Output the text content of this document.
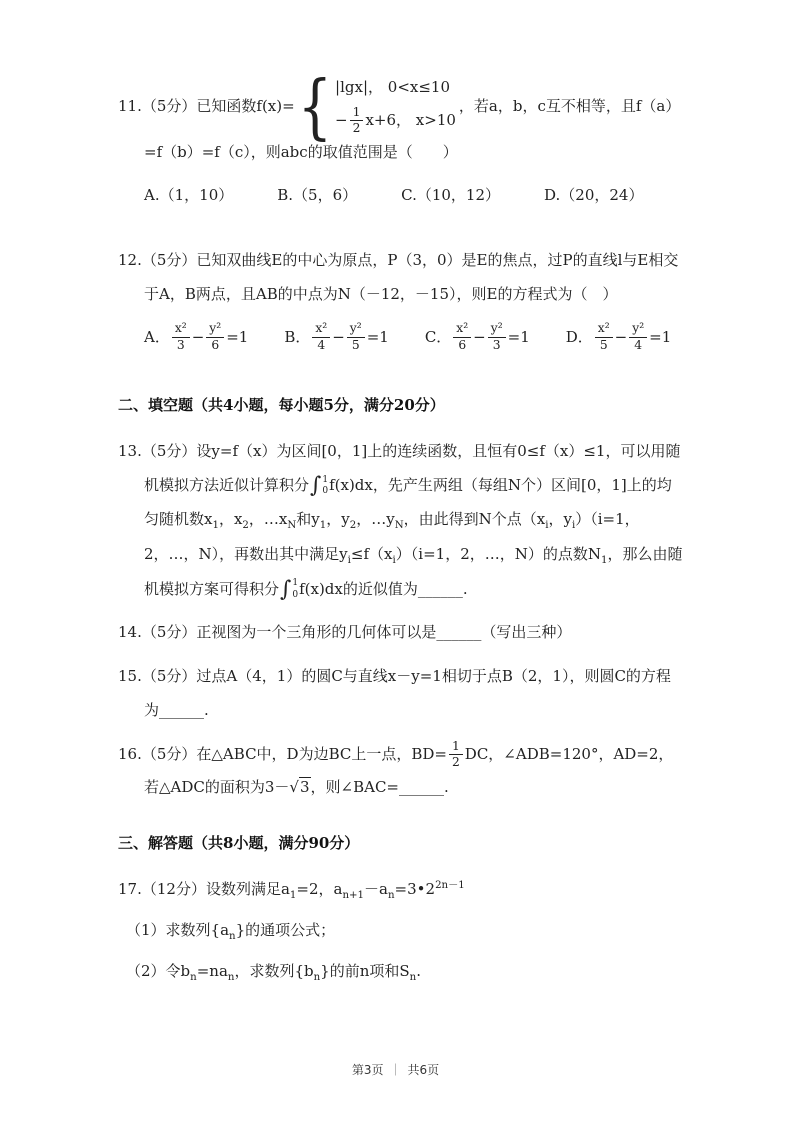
11.（5分）已知函数f(x)= { |lgx|， 0<x≤10
− $\frac{1}{2} x+6$， x>10
，若a，b，c互不相等，且f（a）=f（b）=f（c），则abc的取值范围是（　　）
A.（1，10）	B.（5，6）	C.（10，12）	D.（20，24）
12.（5分）已知双曲线E的中心为原点，P（3，0）是E的焦点，过P的直线l与E相交于A，B两点，且AB的中点为N（－12，－15），则E的方程式为（　）
A． $\frac{\text{x²}}{3} - \frac{\text{y²}}{6} =1$ B． $\frac{\text{x²}}{4} - \frac{\text{y²}}{5} =1$ C． $\frac{\text{x²}}{6} - \frac{\text{y²}}{3} =1$ D． $\frac{\text{x²}}{5} - \frac{\text{y²}}{4} =1$
二、填空题（共4小题，每小题5分，满分20分）
13.（5分）设y=f（x）为区间[0，1]上的连续函数，且恒有0≤f（x）≤1，可以用随机模拟方法近似计算积分 ∫ 1
0 f(x)dx，先产生两组（每组N个）区间[0，1]上的均匀随机数$x_1$，$x_2$，$\dots x_N$和$y_1$，$y_2$，$\dots y_N$，由此得到N个点（$x_i$，$y_i)(i=1$，2，…，N），再数出其中满足$y_i\le f(x_i)(i=1$，2，…，N）的点数$N_1$，那么由随机模拟方案可得积分 ∫ 1
0 f(x)dx的近似值为______.
14.（5分）正视图为一个三角形的几何体可以是______（写出三种）
15.（5分）过点A（4，1）的圆C与直线x－y=1相切于点B（2，1），则圆C的方程为______.
16.（5分）在△ABC中，D为边BC上一点，$BD= \frac{1}{2}$ DC，∠ADB=120°，AD=2，若△ADC的面积为3－√3，则∠BAC=______.
三、解答题（共8小题，满分90分）
17.（12分）设数列满足$a_1=2$，$a_{n+1}-a_n=3•2^{2n-1}$
（1）求数列$\{a_n\}$的通项公式；
（2）令$b_n=na_n$，求数列$\{b_n\}$的前n项和$S_n$.
第3页 ｜ 共6页
